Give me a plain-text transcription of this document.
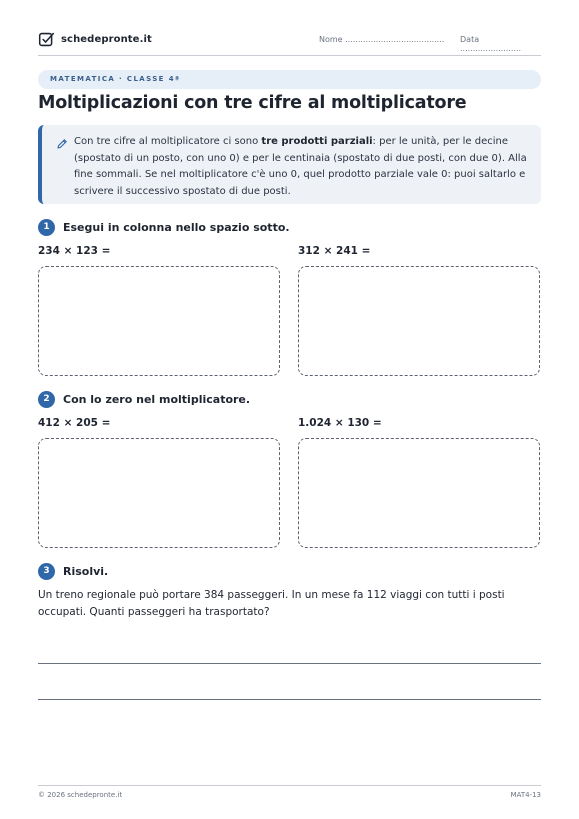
schedepronte.it	Nome ....................................... Data ........................
MATEMATICA · CLASSE 4ª
Moltiplicazioni con tre cifre al moltiplicatore
Con tre cifre al moltiplicatore ci sono tre prodotti parziali: per le unità, per le decine (spostato di un posto, con uno 0) e per le centinaia (spostato di due posti, con due 0). Alla fine sommali. Se nel moltiplicatore c'è uno 0, quel prodotto parziale vale 0: puoi saltarlo e scrivere il successivo spostato di due posti.
1	Esegui in colonna nello spazio sotto.
234 × 123 =	312 × 241 =
2	Con lo zero nel moltiplicatore.
412 × 205 =	1.024 × 130 =
3	Risolvi.
Un treno regionale può portare 384 passeggeri. In un mese fa 112 viaggi con tutti i posti occupati. Quanti passeggeri ha trasportato?
© 2026 schedepronte.it	MAT4-13
